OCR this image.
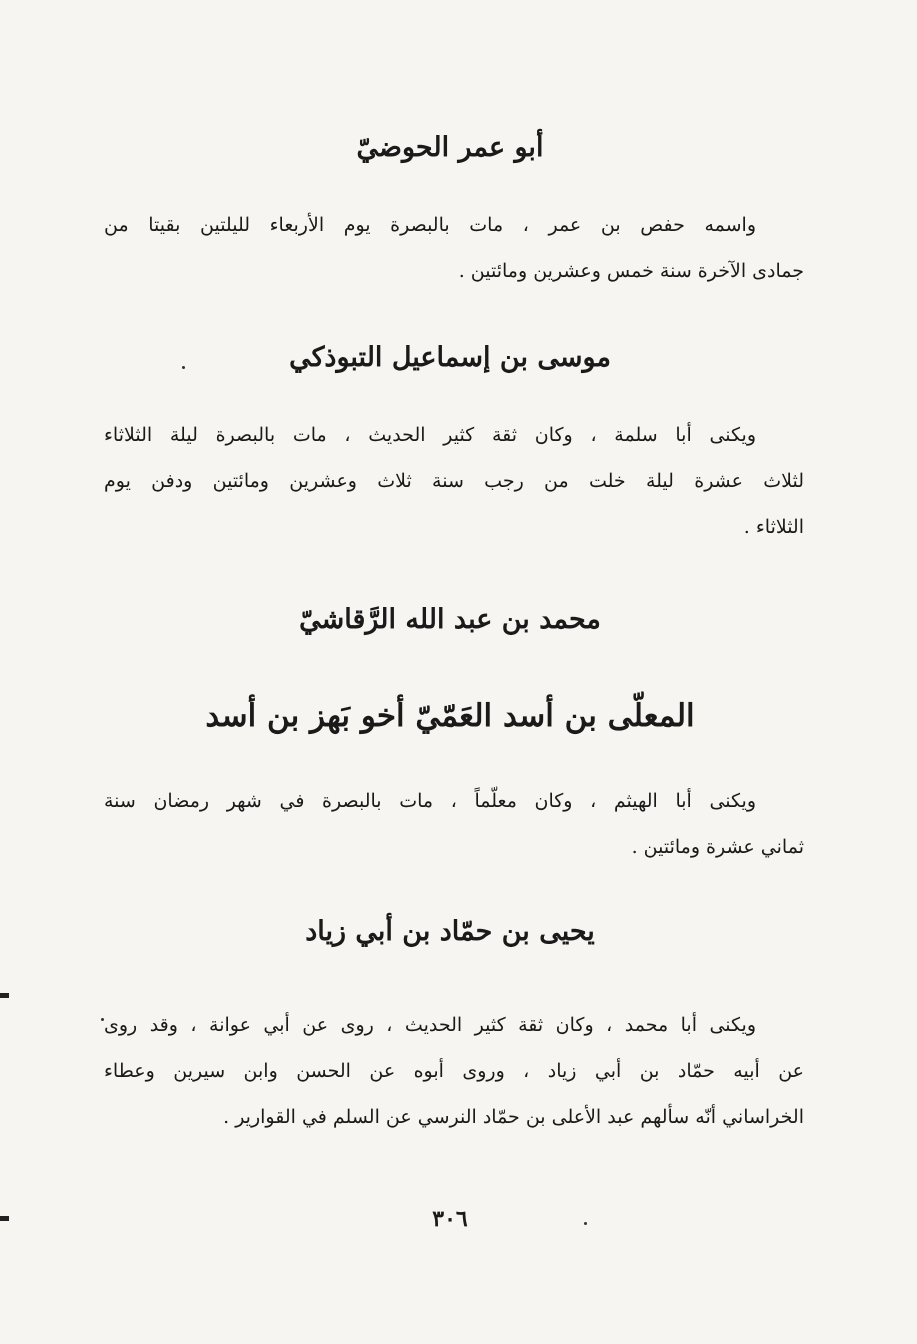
أبو عمر الحوضيّ
واسمه حفص بن عمر ، مات بالبصرة يوم الأربعاء لليلتين بقيتا من
جمادى الآخرة سنة خمس وعشرين ومائتين .
موسى بن إسماعيل التبوذكي
ويكنى أبا سلمة ، وكان ثقة كثير الحديث ، مات بالبصرة ليلة الثلاثاء
لثلاث عشرة ليلة خلت من رجب سنة ثلاث وعشرين ومائتين ودفن يوم
الثلاثاء .
محمد بن عبد الله الرَّقاشيّ
المعلّى بن أسد العَمّيّ أخو بَهز بن أسد
ويكنى أبا الهيثم ، وكان معلّماً ، مات بالبصرة في شهر رمضان سنة
ثماني عشرة ومائتين .
يحيى بن حمّاد بن أبي زياد
ويكنى أبا محمد ، وكان ثقة كثير الحديث ، روى عن أبي عوانة ، وقد روى
عن أبيه حمّاد بن أبي زياد ، وروى أبوه عن الحسن وابن سيرين وعطاء
الخراساني أنّه سألهم عبد الأعلى بن حمّاد النرسي عن السلم في القوارير .
٣٠٦
